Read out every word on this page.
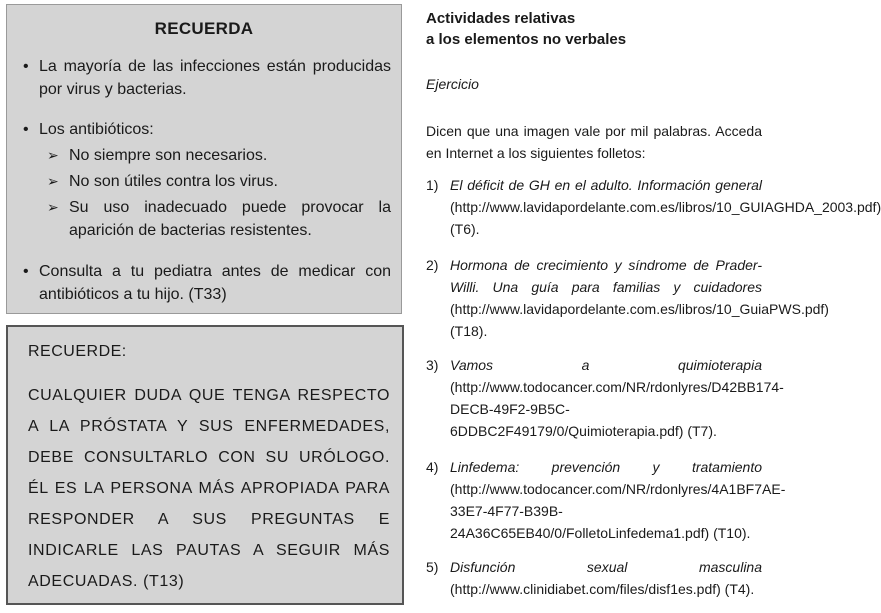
RECUERDA
• La mayoría de las infecciones están producidas por virus y bacterias.
• Los antibióticos:
➢ No siempre son necesarios.
➢ No son útiles contra los virus.
➢ Su uso inadecuado puede provocar la aparición de bacterias resistentes.
• Consulta a tu pediatra antes de medicar con antibióticos a tu hijo. (T33)
RECUERDE:
CUALQUIER DUDA QUE TENGA RESPECTO A LA PRÓSTATA Y SUS ENFERMEDADES, DEBE CONSULTARLO CON SU URÓLOGO. ÉL ES LA PERSONA MÁS APROPIADA PARA RESPONDER A SUS PREGUNTAS E INDICARLE LAS PAUTAS A SEGUIR MÁS ADECUADAS. (T13)
Actividades relativas
a los elementos no verbales
Ejercicio
Dicen que una imagen vale por mil palabras. Acceda en Internet a los siguientes folletos:
1) El déficit de GH en el adulto. Información general (http://www.lavidapordelante.com.es/libros/10_GUIAGHDA_2003.pdf) (T6).
2) Hormona de crecimiento y síndrome de Prader-Willi. Una guía para familias y cuidadores (http://www.lavidapordelante.com.es/libros/10_GuiaPWS.pdf) (T18).
3) Vamos a quimioterapia (http://www.todocancer.com/NR/rdonlyres/D42BB174-DECB-49F2-9B5C-6DDBC2F49179/0/Quimioterapia.pdf) (T7).
4) Linfedema: prevención y tratamiento (http://www.todocancer.com/NR/rdonlyres/4A1BF7AE-33E7-4F77-B39B-24A36C65EB40/0/FolletoLinfedema1.pdf) (T10).
5) Disfunción sexual masculina (http://www.clinidiabet.com/files/disf1es.pdf) (T4).
